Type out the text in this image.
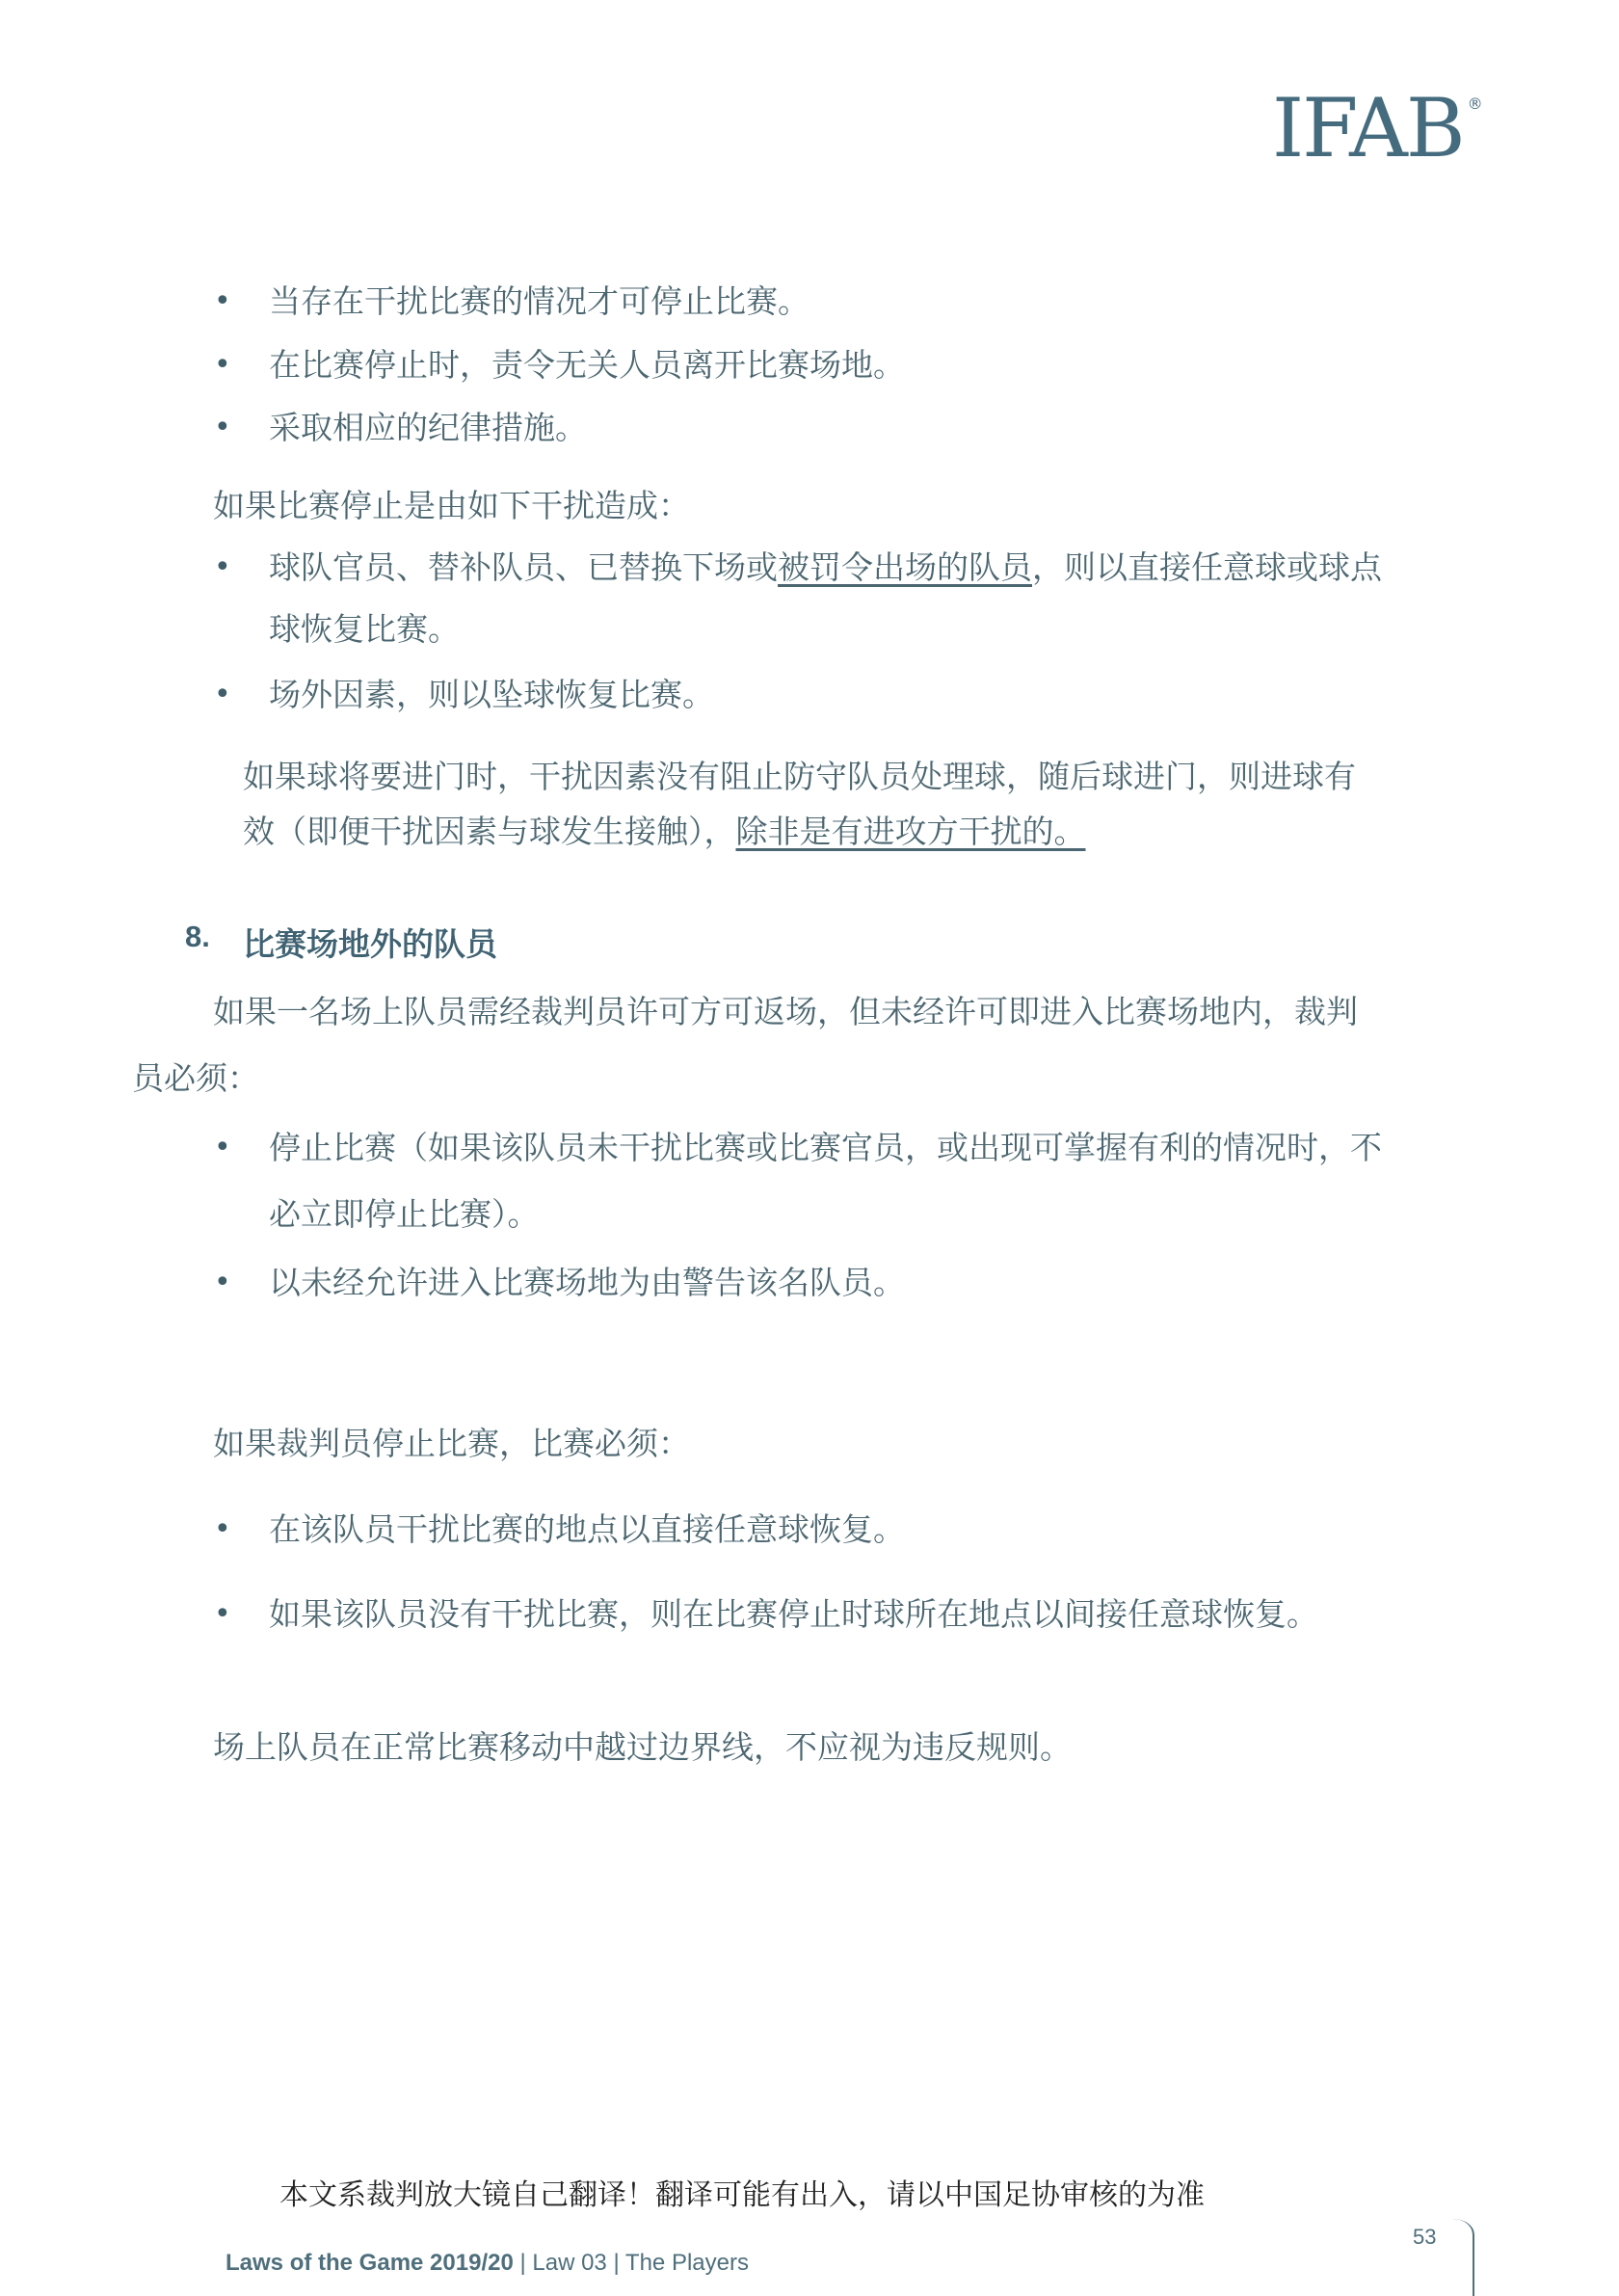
IFAB ®
• 当存在干扰比赛的情况才可停止比赛。
• 在比赛停止时，责令无关人员离开比赛场地。
• 采取相应的纪律措施。
如果比赛停止是由如下干扰造成：
• 球队官员、替补队员、已替换下场或被罚令出场的队员，则以直接任意球或球点
球恢复比赛。
• 场外因素，则以坠球恢复比赛。
如果球将要进门时，干扰因素没有阻止防守队员处理球，随后球进门，则进球有
效（即便干扰因素与球发生接触），除非是有进攻方干扰的。
8. 比赛场地外的队员
如果一名场上队员需经裁判员许可方可返场，但未经许可即进入比赛场地内，裁判
员必须：
• 停止比赛（如果该队员未干扰比赛或比赛官员，或出现可掌握有利的情况时，不
必立即停止比赛）。
• 以未经允许进入比赛场地为由警告该名队员。
如果裁判员停止比赛，比赛必须：
• 在该队员干扰比赛的地点以直接任意球恢复。
• 如果该队员没有干扰比赛，则在比赛停止时球所在地点以间接任意球恢复。
场上队员在正常比赛移动中越过边界线，不应视为违反规则。
本文系裁判放大镜自己翻译！翻译可能有出入，请以中国足协审核的为准
Laws of the Game 2019/20 | Law 03 | The Players
53
